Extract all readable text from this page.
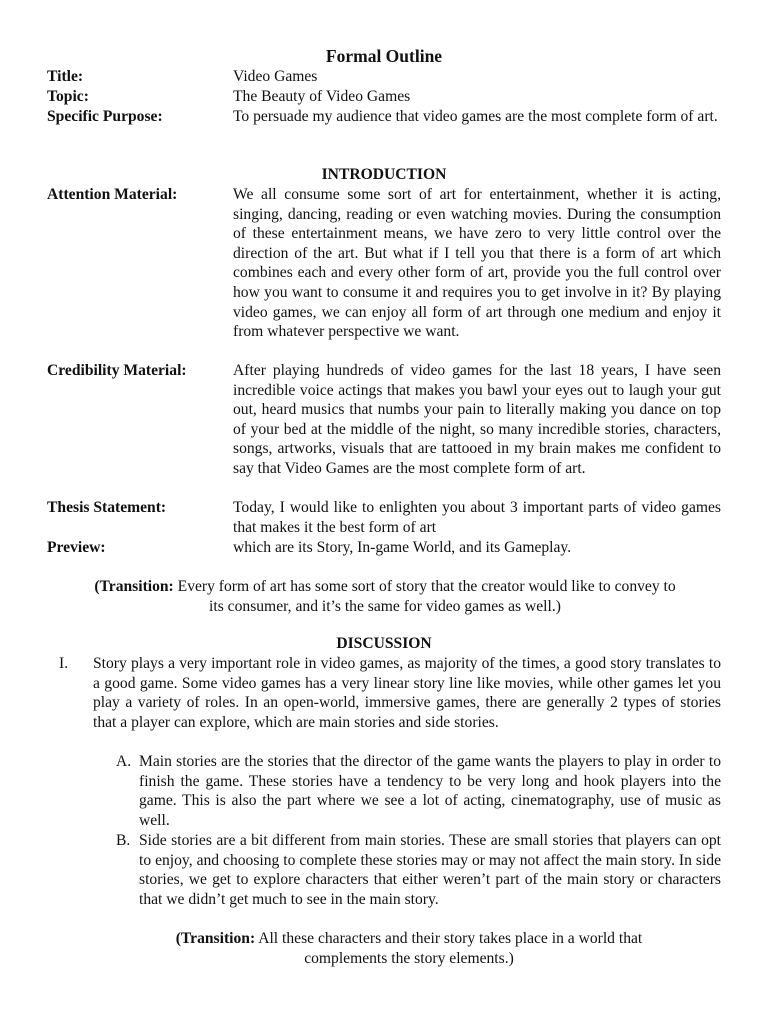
Formal Outline
Title:	Video Games
Topic:	The Beauty of Video Games
Specific Purpose:	To persuade my audience that video games are the most complete form of art.
INTRODUCTION
Attention Material:	We all consume some sort of art for entertainment, whether it is acting, singing, dancing, reading or even watching movies. During the consumption of these entertainment means, we have zero to very little control over the direction of the art. But what if I tell you that there is a form of art which combines each and every other form of art, provide you the full control over how you want to consume it and requires you to get involve in it? By playing video games, we can enjoy all form of art through one medium and enjoy it from whatever perspective we want.
Credibility Material:	After playing hundreds of video games for the last 18 years, I have seen incredible voice actings that makes you bawl your eyes out to laugh your gut out, heard musics that numbs your pain to literally making you dance on top of your bed at the middle of the night, so many incredible stories, characters, songs, artworks, visuals that are tattooed in my brain makes me confident to say that Video Games are the most complete form of art.
Thesis Statement:	Today, I would like to enlighten you about 3 important parts of video games that makes it the best form of art
Preview:	which are its Story, In-game World, and its Gameplay.
(Transition: Every form of art has some sort of story that the creator would like to convey to
its consumer, and it’s the same for video games as well.)
DISCUSSION
I. Story plays a very important role in video games, as majority of the times, a good story translates to a good game. Some video games has a very linear story line like movies, while other games let you play a variety of roles. In an open-world, immersive games, there are generally 2 types of stories that a player can explore, which are main stories and side stories.
A. Main stories are the stories that the director of the game wants the players to play in order to finish the game. These stories have a tendency to be very long and hook players into the game. This is also the part where we see a lot of acting, cinematography, use of music as well.
B. Side stories are a bit different from main stories. These are small stories that players can opt to enjoy, and choosing to complete these stories may or may not affect the main story. In side stories, we get to explore characters that either weren’t part of the main story or characters that we didn’t get much to see in the main story.
(Transition: All these characters and their story takes place in a world that
complements the story elements.)
